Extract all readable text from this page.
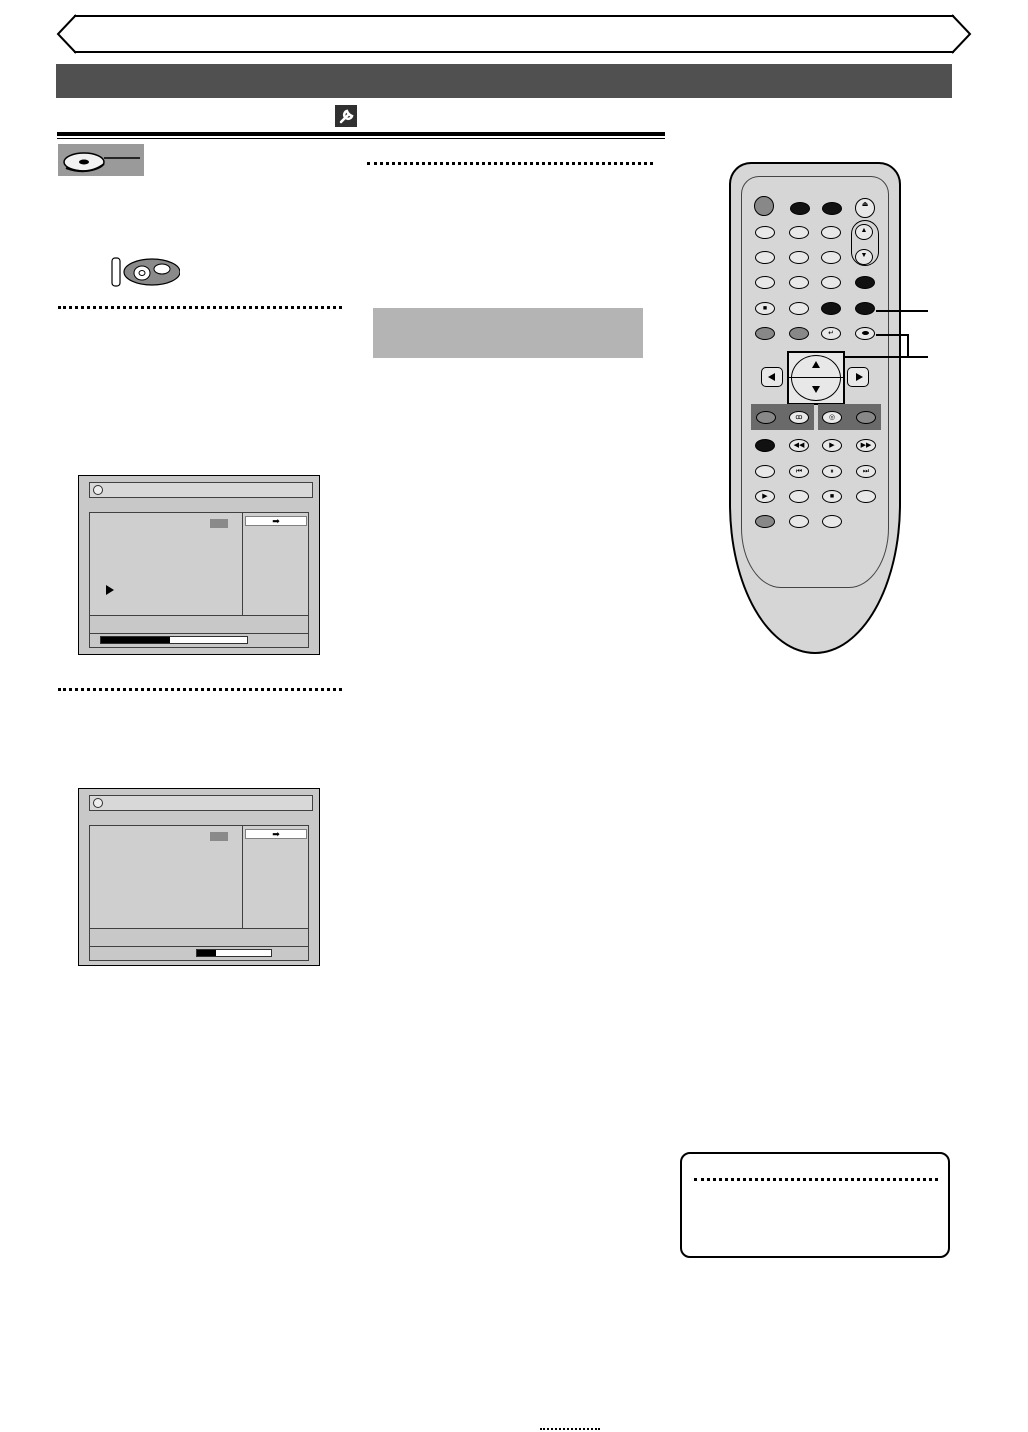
➡
➡
⏏
▲
▼
■
↵
ꝏ	◎
◀◀	▶	▶▶
⏮	⏸	⏭
▶	■
